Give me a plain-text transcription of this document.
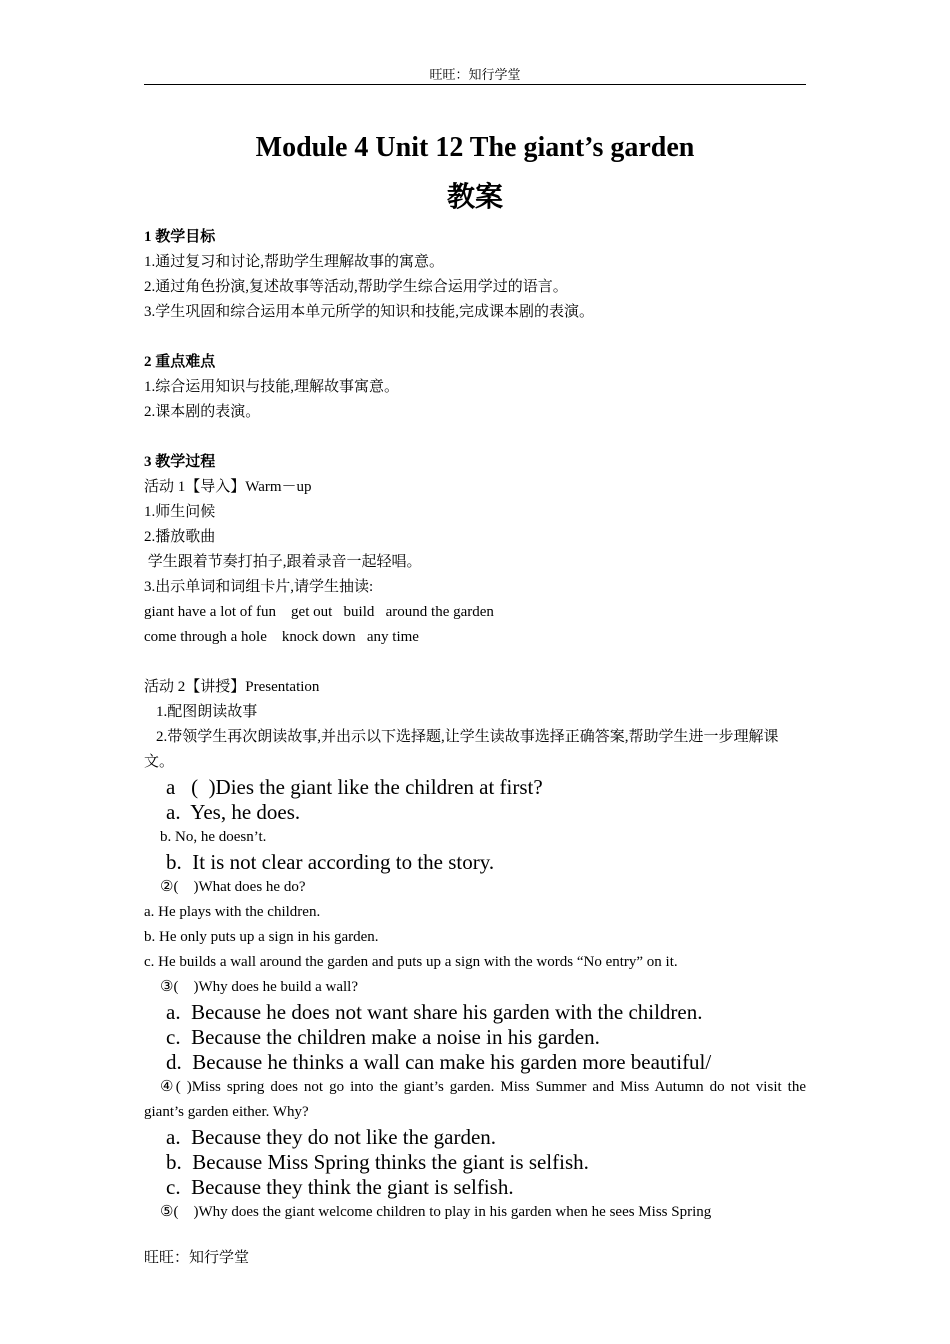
旺旺：知行学堂
Module 4 Unit 12 The giant’s garden
教案
1 教学目标
1.通过复习和讨论,帮助学生理解故事的寓意。
2.通过角色扮演,复述故事等活动,帮助学生综合运用学过的语言。
3.学生巩固和综合运用本单元所学的知识和技能,完成课本剧的表演。
2 重点难点
1.综合运用知识与技能,理解故事寓意。
2.课本剧的表演。
3 教学过程
活动 1【导入】Warm－up
1.师生问候
2.播放歌曲
学生跟着节奏打拍子,跟着录音一起轻唱。
3.出示单词和词组卡片,请学生抽读:
giant have a lot of fun    get out   build   around the garden
come through a hole    knock down   any time
活动 2【讲授】Presentation
1.配图朗读故事
2.带领学生再次朗读故事,并出示以下选择题,让学生读故事选择正确答案,帮助学生进一步理解课文。
a   (  )Dies the giant like the children at first?
a.  Yes, he does.
b. No, he doesn’t.
b.  It is not clear according to the story.
②(    )What does he do?
a. He plays with the children.
b. He only puts up a sign in his garden.
c. He builds a wall around the garden and puts up a sign with the words “No entry” on it.
③(    )Why does he build a wall?
a.  Because he does not want share his garden with the children.
c.  Because the children make a noise in his garden.
d.  Because he thinks a wall can make his garden more beautiful/
④( )Miss spring does not go into the giant’s garden. Miss Summer and Miss Autumn do not visit the giant’s garden either. Why?
a.  Because they do not like the garden.
b.  Because Miss Spring thinks the giant is selfish.
c.  Because they think the giant is selfish.
⑤(    )Why does the giant welcome children to play in his garden when he sees Miss Spring
旺旺：知行学堂
